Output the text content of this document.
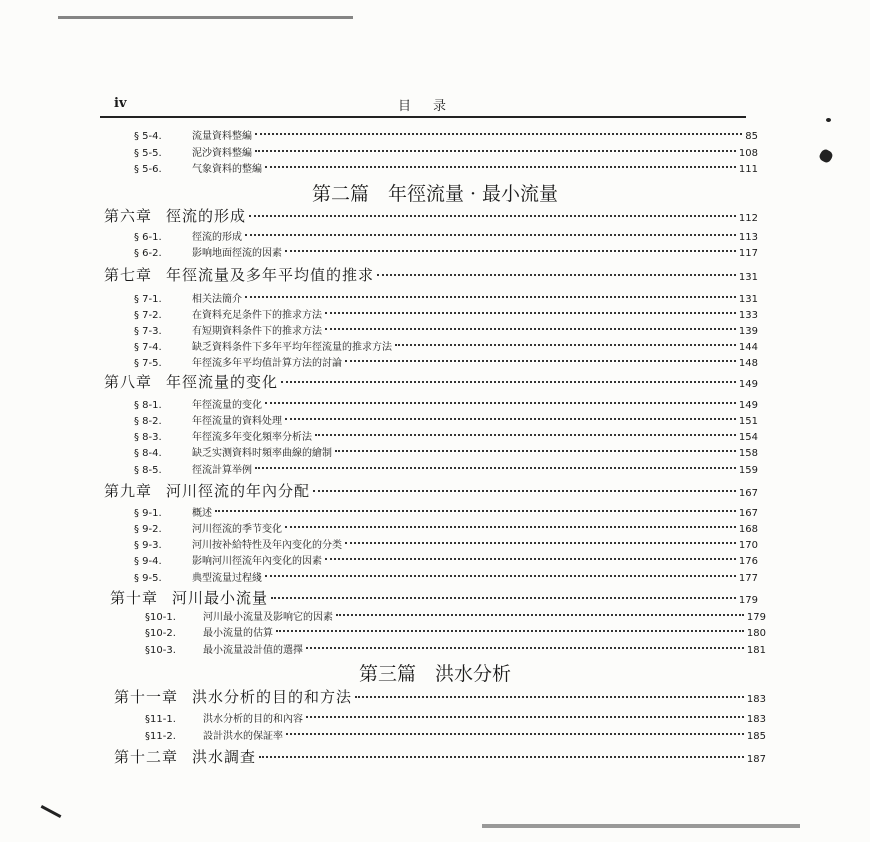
iv	目录
§ 5-4.	流量資料整編	85
§ 5-5.	泥沙資料整編	108
§ 5-6.	气象資料的整編	111
第二篇　年徑流量 · 最小流量
第六章 徑流的形成	112
§ 6-1.	徑流的形成	113
§ 6-2.	影响地面徑流的因素	117
第七章 年徑流量及多年平均值的推求	131
§ 7-1.	相关法簡介	131
§ 7-2.	在資料充足条件下的推求方法	133
§ 7-3.	有短期資料条件下的推求方法	139
§ 7-4.	缺乏資料条件下多年平均年徑流量的推求方法	144
§ 7-5.	年徑流多年平均值計算方法的討論	148
第八章 年徑流量的变化	149
§ 8-1.	年徑流量的变化	149
§ 8-2.	年徑流量的資料处理	151
§ 8-3.	年徑流多年变化頻率分析法	154
§ 8-4.	缺乏实测資料时頻率曲線的繪制	158
§ 8-5.	徑流計算举例	159
第九章 河川徑流的年內分配	167
§ 9-1.	概述	167
§ 9-2.	河川徑流的季节变化	168
§ 9-3.	河川按补給特性及年內变化的分类	170
§ 9-4.	影响河川徑流年內变化的因素	176
§ 9-5.	典型流量过程綫	177
第十章 河川最小流量	179
§10-1.	河川最小流量及影响它的因素	179
§10-2.	最小流量的估算	180
§10-3.	最小流量設計值的選擇	181
第三篇　洪水分析
第十一章 洪水分析的目的和方法	183
§11-1.	洪水分析的目的和內容	183
§11-2.	設計洪水的保証率	185
第十二章 洪水調查	187
